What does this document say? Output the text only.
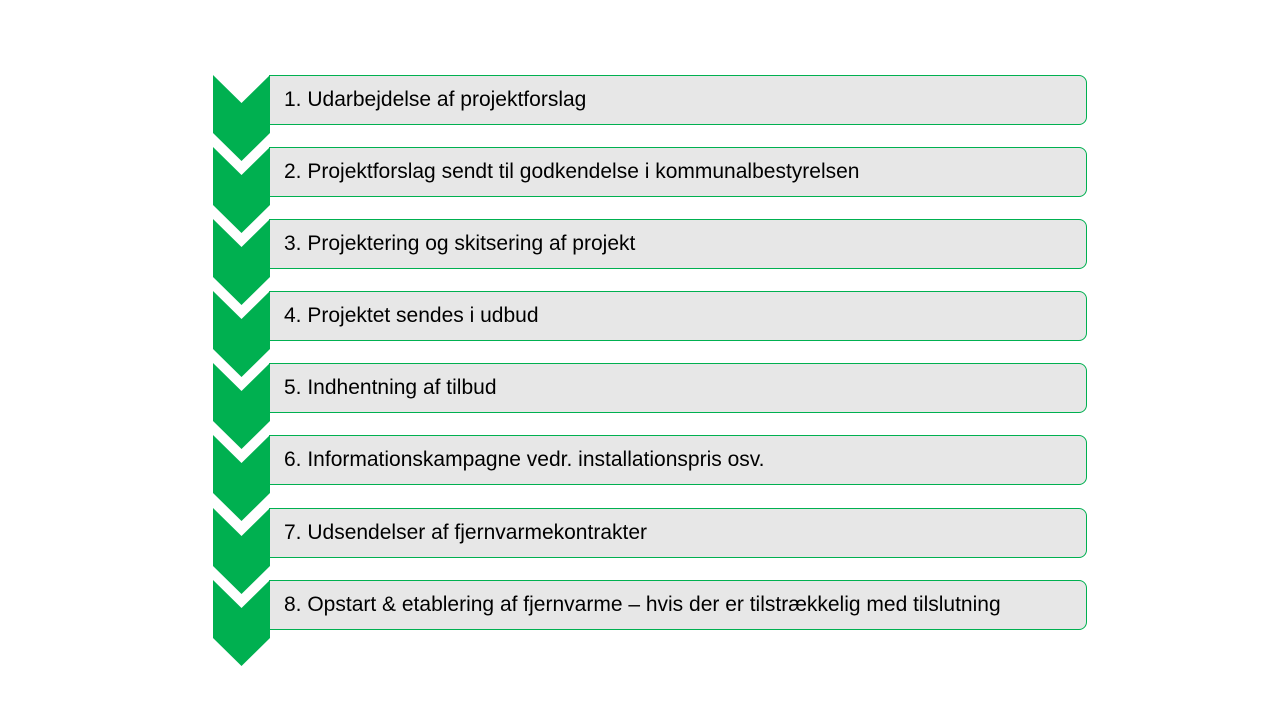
1. Udarbejdelse af projektforslag
2. Projektforslag sendt til godkendelse i kommunalbestyrelsen
3. Projektering og skitsering af projekt
4. Projektet sendes i udbud
5. Indhentning af tilbud
6. Informationskampagne vedr. installationspris osv.
7. Udsendelser af fjernvarmekontrakter
8. Opstart & etablering af fjernvarme – hvis der er tilstrækkelig med tilslutning
